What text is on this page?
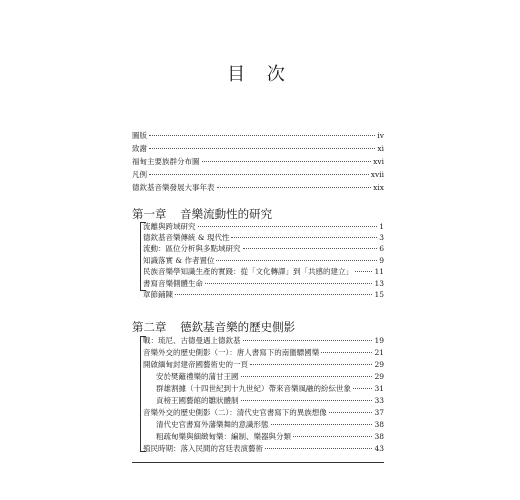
目 次
圖版	iv
致謝	xi
福甸主要族群分布圖	xvi
凡例	xvii
德欽基音樂發展大事年表	xix
第一章 音樂流動性的研究
流離與跨域研究	1
德欽基音樂傳統 & 現代性	3
流動：區位分析與多點域研究	6
知識落實 & 作者置位	9
民族音樂學知識生產的實踐：從「文化轉譯」到「共感的建立」	11
書寫音樂側體生命	13
章節鋪陳	15
第二章 德欽基音樂的歷史側影
戰：琉尼、古德曼遇上德欽基	19
音樂外交的歷史側影（一）：唐人書寫下的南蠻驃國樂	21
開啟緬甸封建帝國藝術史的一頁	29
安於樊籬禮樂的蒲甘王國	29
群雄割據（十四世紀到十九世紀）帶來音樂風融的紛紜世象	31
貢榜王國藝館的雛狀體制	33
音樂外交的歷史側影（二）：清代史官書寫下的異族想像	37
清代史官書寫外藩樂舞的意識形態	38
粗疏甸樂與細緻甸樂：編制、樂器與分類	38
殖民時期：落入民間的宮廷表演藝術	43
